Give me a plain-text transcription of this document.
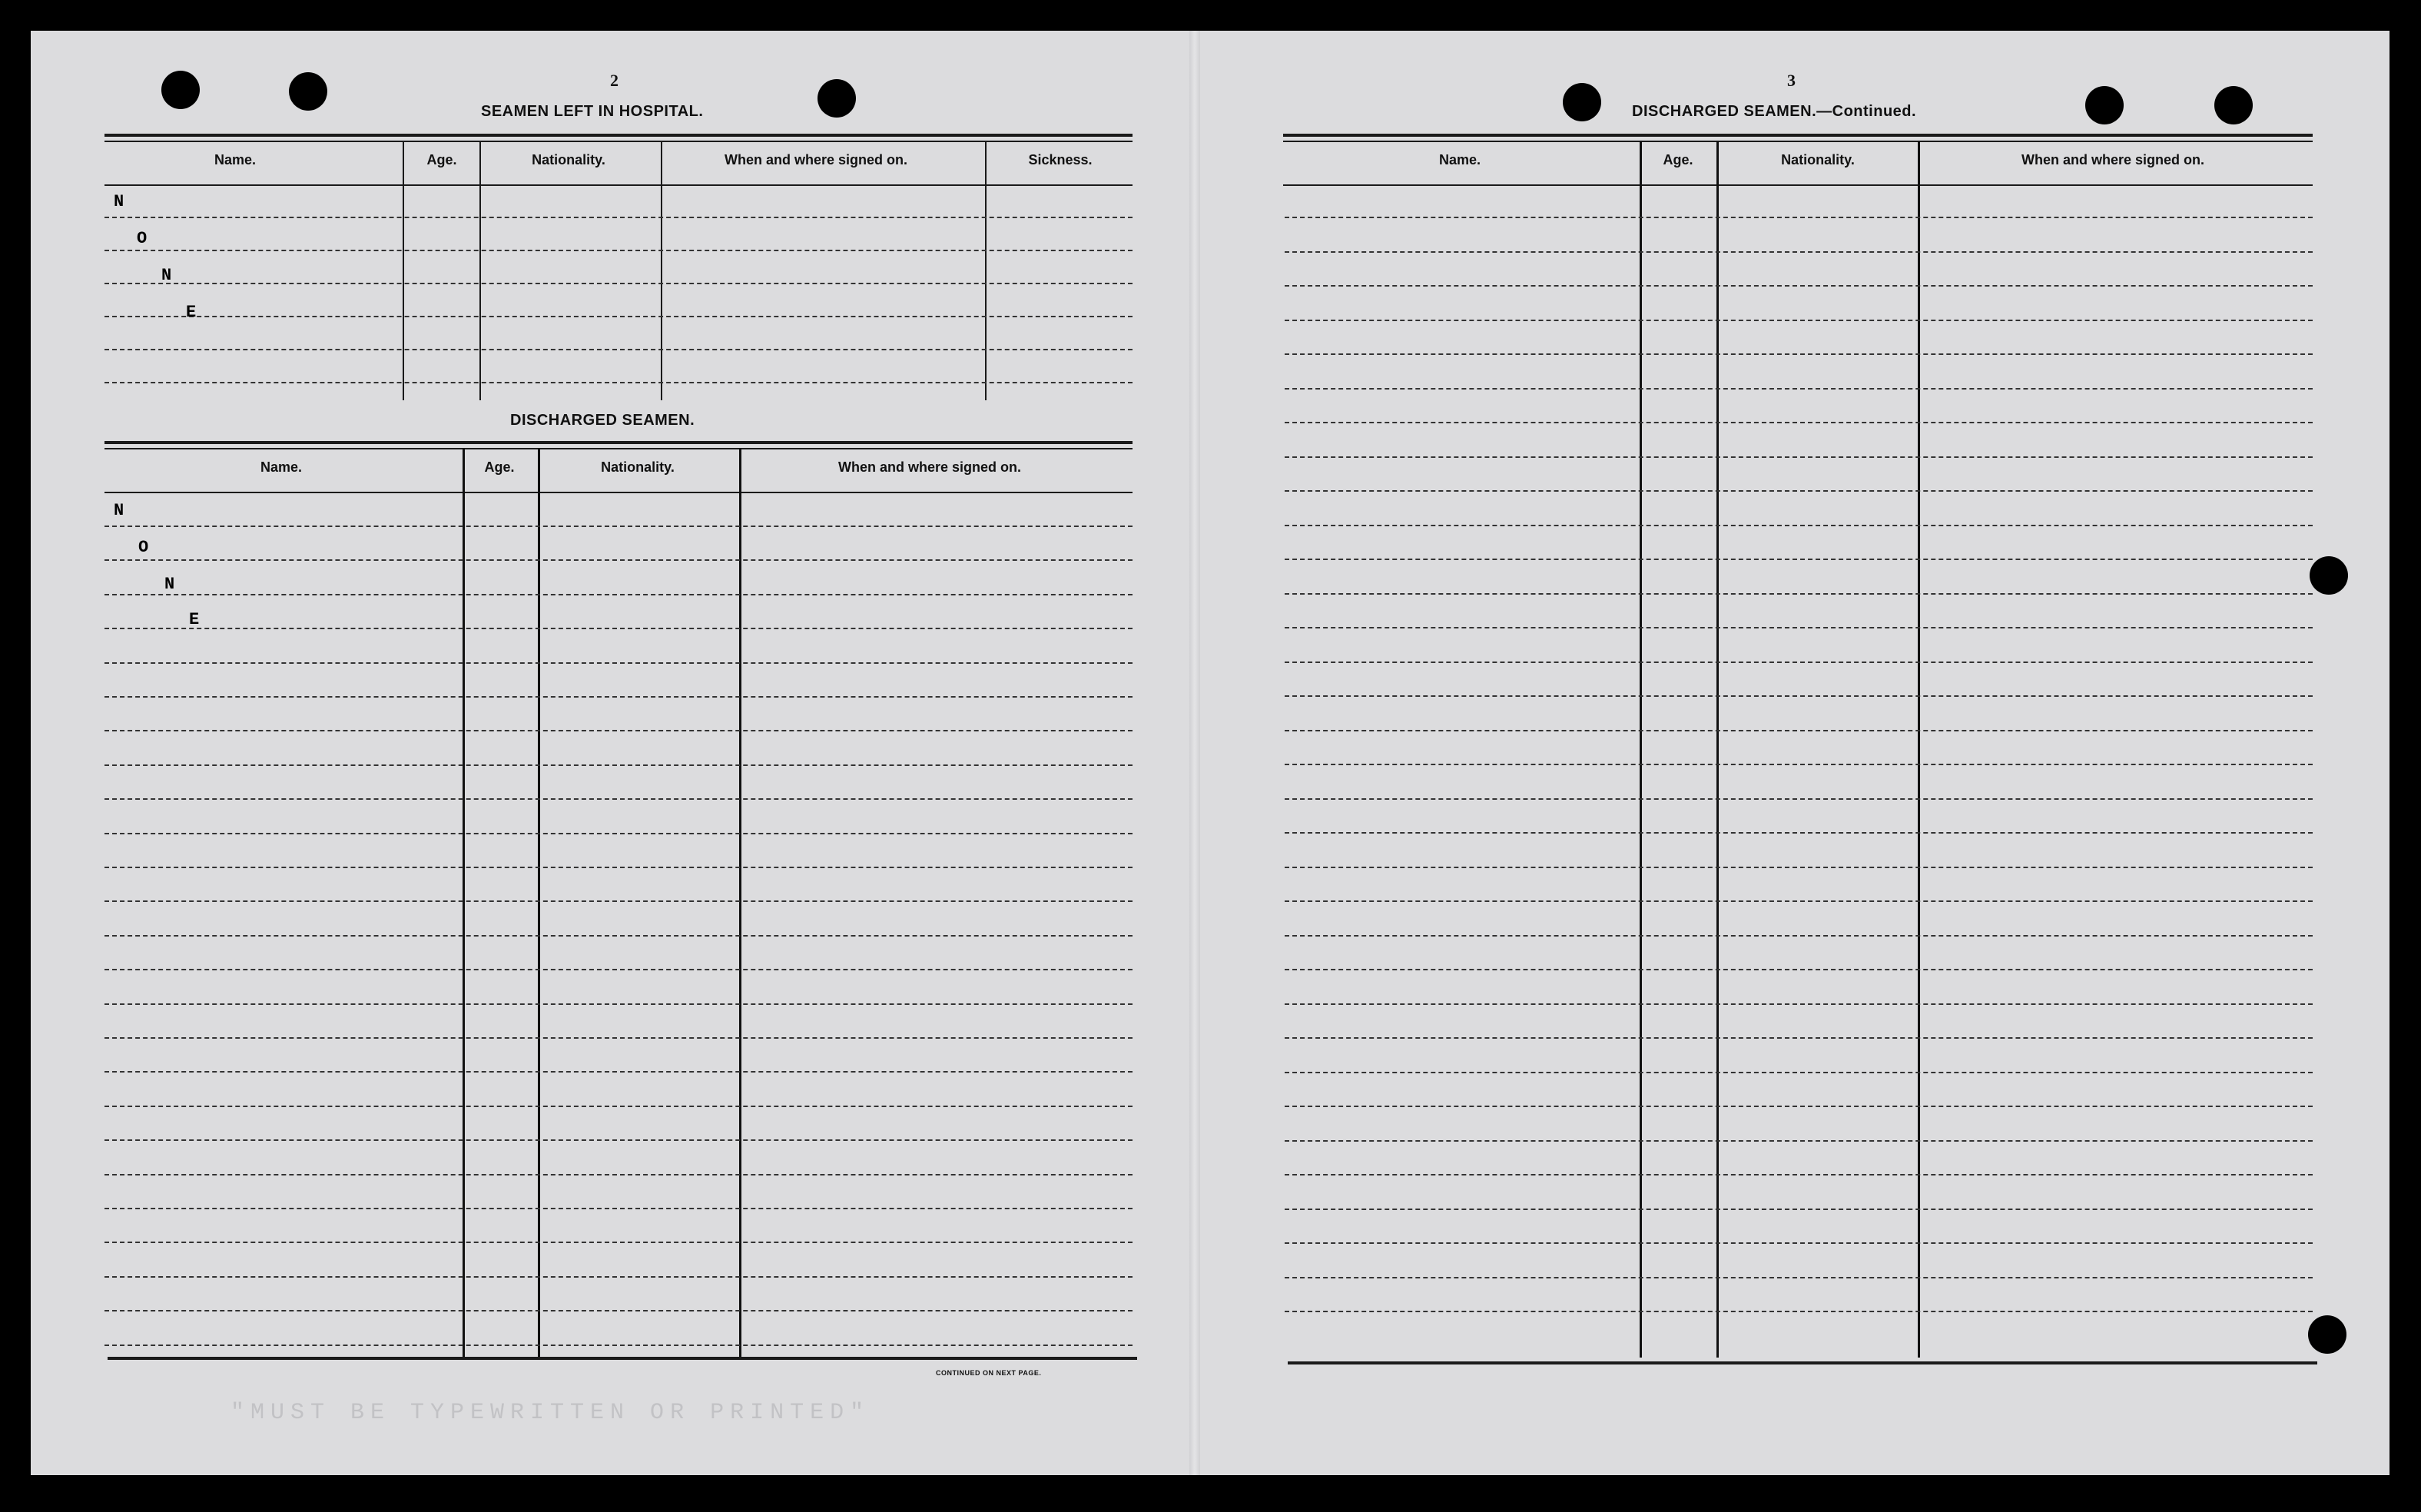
"MUST BE TYPEWRITTEN OR PRINTED"
2
SEAMEN LEFT IN HOSPITAL.
Name.	Age.	Nationality.	When and where signed on.	Sickness.
N
O
N
E
DISCHARGED SEAMEN.
Name.	Age.	Nationality.	When and where signed on.
N
O
N
E
CONTINUED ON NEXT PAGE.
3
DISCHARGED SEAMEN.—Continued.
Name.	Age.	Nationality.	When and where signed on.
